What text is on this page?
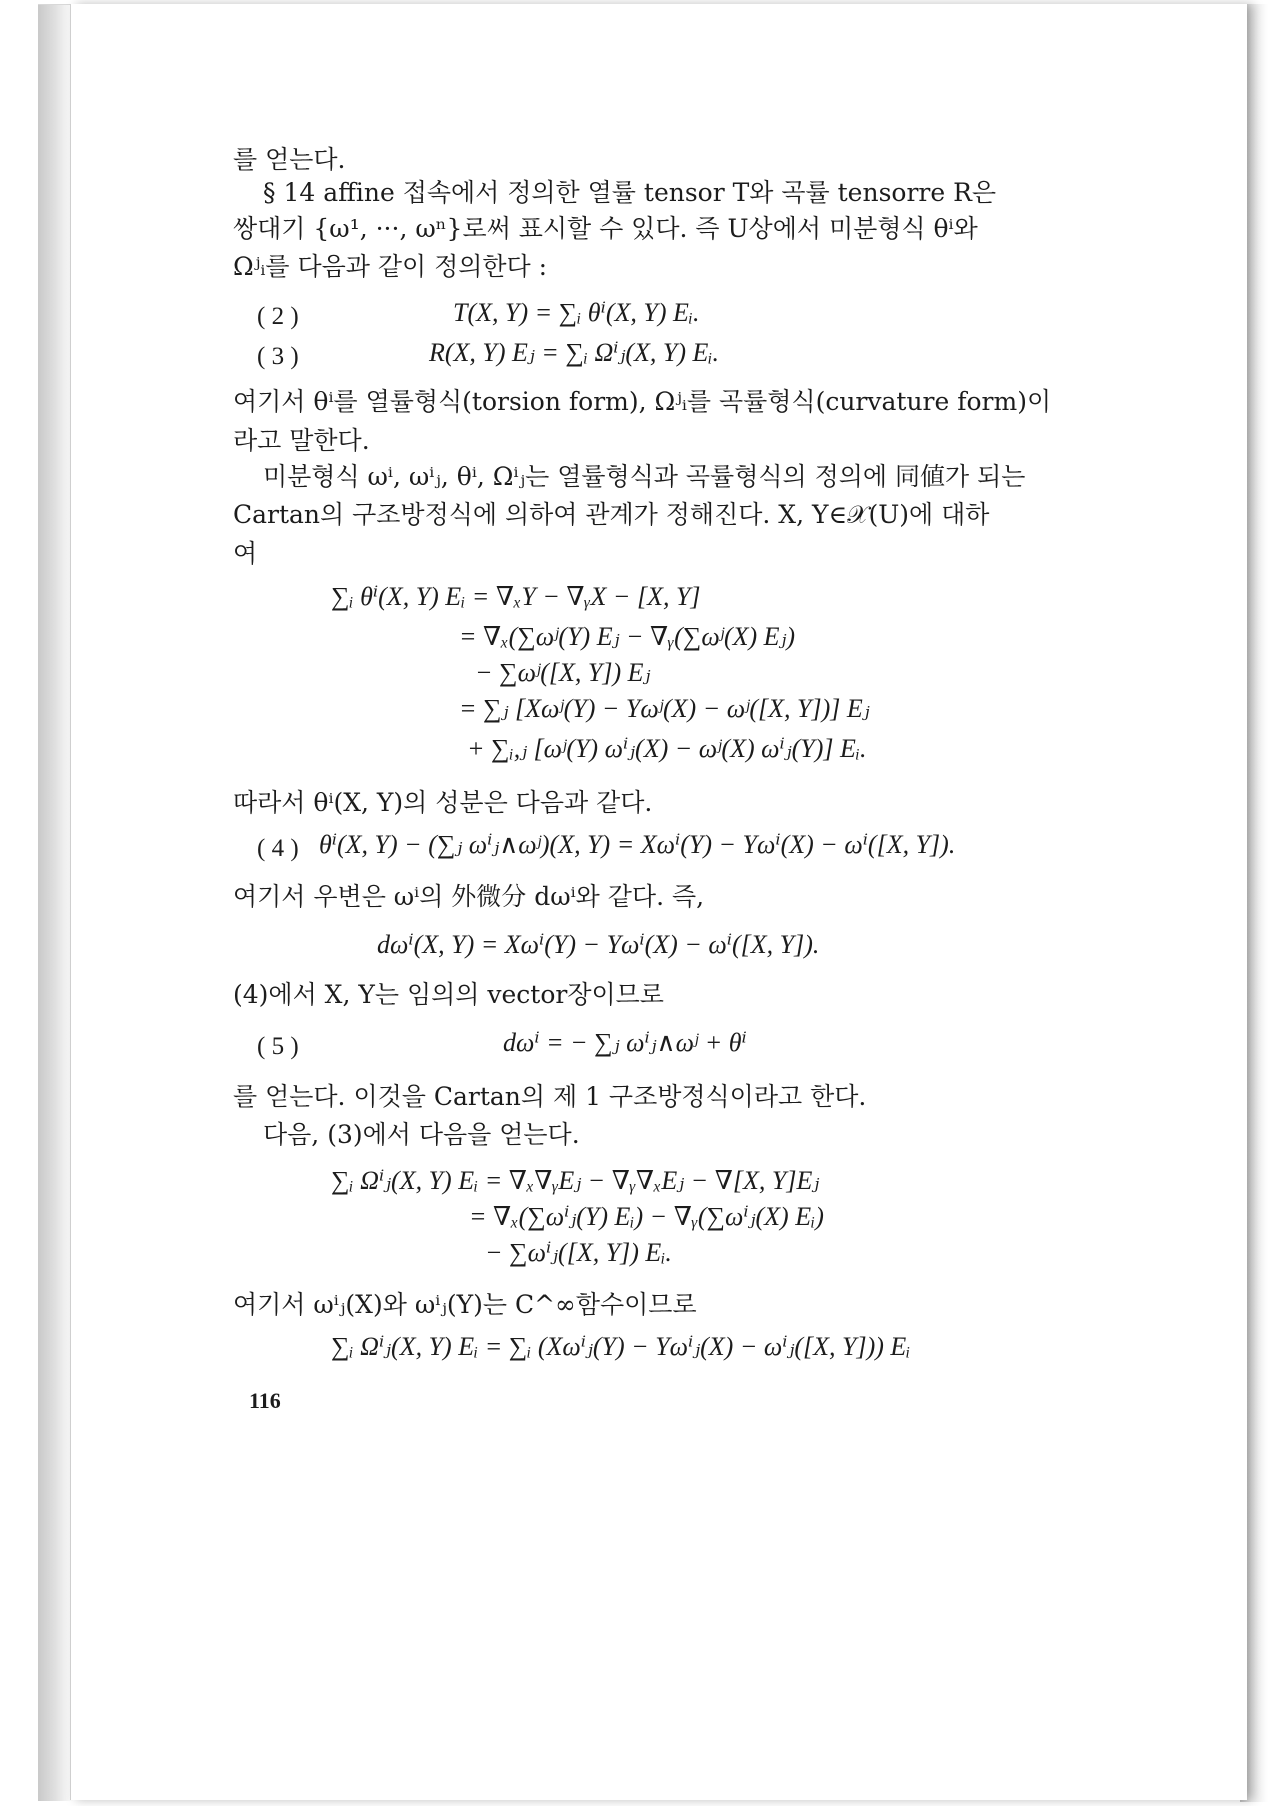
를 얻는다.
§ 14 affine 접속에서 정의한 열률 tensor T와 곡률 tensorre R은
쌍대기 {ω¹, ···, ωⁿ}로써 표시할 수 있다. 즉 U상에서 미분형식 θⁱ와
Ωʲᵢ를 다음과 같이 정의한다 :
( 2 )	T(X, Y) = ∑ᵢ θⁱ(X, Y) Eᵢ.
( 3 )	R(X, Y) Eⱼ = ∑ᵢ Ωⁱⱼ(X, Y) Eᵢ.
여기서 θⁱ를 열률형식(torsion form), Ωʲᵢ를 곡률형식(curvature form)이
라고 말한다.
미분형식 ωⁱ, ωⁱⱼ, θⁱ, Ωⁱⱼ는 열률형식과 곡률형식의 정의에 同値가 되는
Cartan의 구조방정식에 의하여 관계가 정해진다. X, Y∈𝒳(U)에 대하
여
∑ᵢ θⁱ(X, Y) Eᵢ = ∇ₓY − ∇ᵧX − [X, Y]
= ∇ₓ(∑ωʲ(Y) Eⱼ − ∇ᵧ(∑ωʲ(X) Eⱼ)
− ∑ωʲ([X, Y]) Eⱼ
= ∑ⱼ [Xωʲ(Y) − Yωʲ(X) − ωʲ([X, Y])] Eⱼ
+ ∑ᵢ,ⱼ [ωʲ(Y) ωⁱⱼ(X) − ωʲ(X) ωⁱⱼ(Y)] Eᵢ.
따라서 θⁱ(X, Y)의 성분은 다음과 같다.
( 4 ) θⁱ(X, Y) − (∑ⱼ ωⁱⱼ∧ωʲ)(X, Y) = Xωⁱ(Y) − Yωⁱ(X) − ωⁱ([X, Y]).
여기서 우변은 ωⁱ의 外微分 dωⁱ와 같다. 즉,
dωⁱ(X, Y) = Xωⁱ(Y) − Yωⁱ(X) − ωⁱ([X, Y]).
(4)에서 X, Y는 임의의 vector장이므로
( 5 )	dωⁱ = − ∑ⱼ ωⁱⱼ∧ωʲ + θⁱ
를 얻는다. 이것을 Cartan의 제 1 구조방정식이라고 한다.
다음, (3)에서 다음을 얻는다.
∑ᵢ Ωⁱⱼ(X, Y) Eᵢ = ∇ₓ∇ᵧEⱼ − ∇ᵧ∇ₓEⱼ − ∇[X, Y]Eⱼ
= ∇ₓ(∑ωⁱⱼ(Y) Eᵢ) − ∇ᵧ(∑ωⁱⱼ(X) Eᵢ)
− ∑ωⁱⱼ([X, Y]) Eᵢ.
여기서 ωⁱⱼ(X)와 ωⁱⱼ(Y)는 C^∞함수이므로
∑ᵢ Ωⁱⱼ(X, Y) Eᵢ = ∑ᵢ (Xωⁱⱼ(Y) − Yωⁱⱼ(X) − ωⁱⱼ([X, Y])) Eᵢ
116
